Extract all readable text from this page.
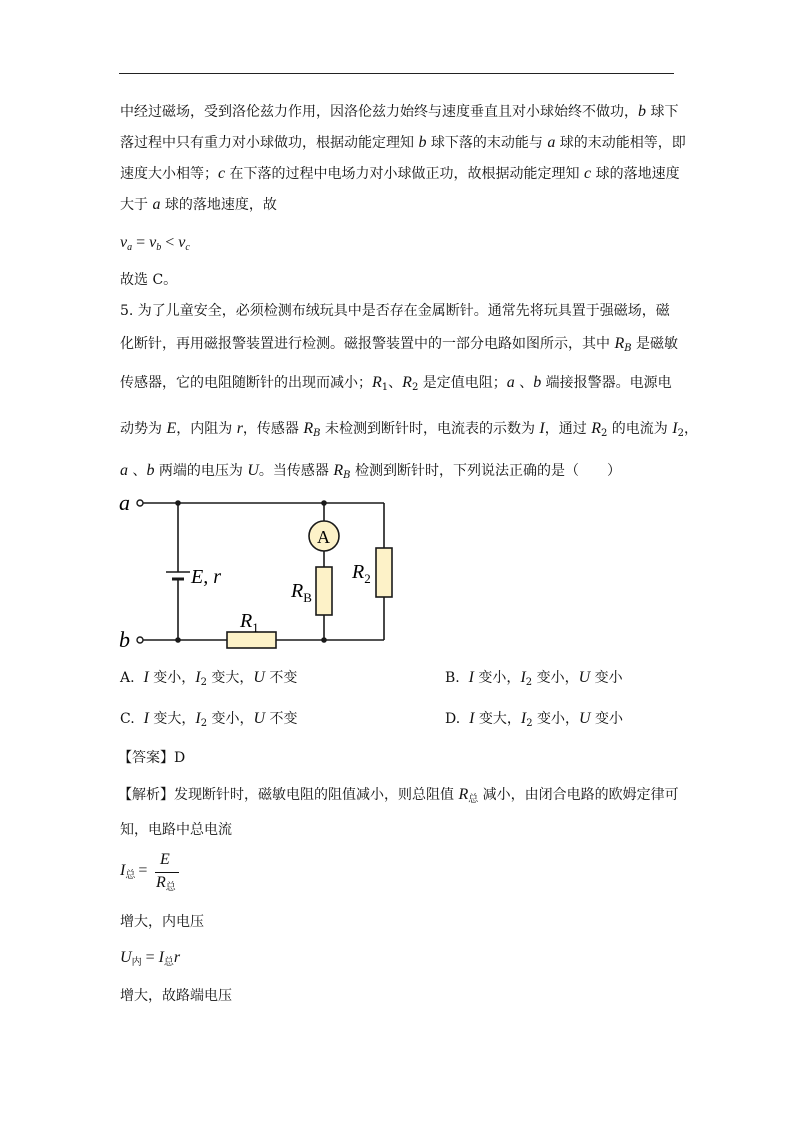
中经过磁场，受到洛伦兹力作用，因洛伦兹力始终与速度垂直且对小球始终不做功，b 球下
落过程中只有重力对小球做功，根据动能定理知 b 球下落的末动能与 a 球的末动能相等，即
速度大小相等；c 在下落的过程中电场力对小球做正功，故根据动能定理知 c 球的落地速度
大于 a 球的落地速度，故
$v_a = v_b < v_c$
故选 C。
5. 为了儿童安全，必须检测布绒玩具中是否存在金属断针。通常先将玩具置于强磁场，磁
化断针，再用磁报警装置进行检测。磁报警装置中的一部分电路如图所示，其中 $R_B$ 是磁敏
传感器，它的电阻随断针的出现而减小；$R_1$、$R_2$ 是定值电阻；a 、b 端接报警器。电源电
动势为 E，内阻为 r，传感器 $R_B$ 未检测到断针时，电流表的示数为 I，通过 $R_2$ 的电流为 $I_2$，
a 、b 两端的电压为 U。当传感器 $R_B$ 检测到断针时，下列说法正确的是（　　）
a
b
E, r
A
$R_B$
$R_2$
$R_1$
A. I 变小，$I_2$ 变大，U 不变	B. I 变小，$I_2$ 变小，U 变小
C. I 变大，$I_2$ 变小，U 不变	D. I 变大，$I_2$ 变小，U 变小
【答案】D
【解析】发现断针时，磁敏电阻的阻值减小，则总阻值 $R_总$ 减小，由闭合电路的欧姆定律可
知，电路中总电流
$I_总$ =
E
$R_总$
增大，内电压
$U_内 = I_总r$
增大，故路端电压
